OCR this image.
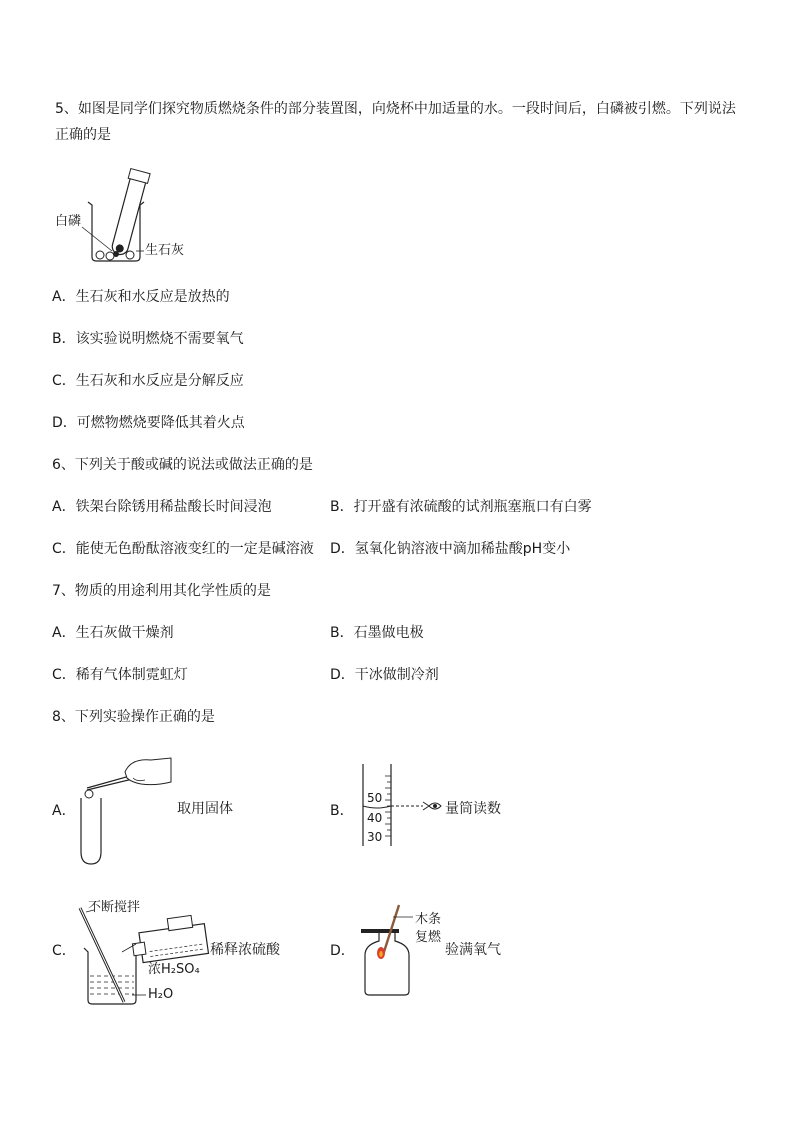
5、如图是同学们探究物质燃烧条件的部分装置图，向烧杯中加适量的水。一段时间后，白磷被引燃。下列说法正确的是
白磷
生石灰
A．生石灰和水反应是放热的
B．该实验说明燃烧不需要氧气
C．生石灰和水反应是分解反应
D．可燃物燃烧要降低其着火点
6、下列关于酸或碱的说法或做法正确的是
A．铁架台除锈用稀盐酸长时间浸泡	B．打开盛有浓硫酸的试剂瓶塞瓶口有白雾
C．能使无色酚酞溶液变红的一定是碱溶液 D．氢氧化钠溶液中滴加稀盐酸pH变小
7、物质的用途利用其化学性质的是
A．生石灰做干燥剂	B．石墨做电极
C．稀有气体制霓虹灯	D．干冰做制冷剂
8、下列实验操作正确的是
A．	取用固体	B．
50
40
30
量筒读数
C．
不断搅拌
浓H₂SO₄
H₂O
稀释浓硫酸	D．
木条
复燃
验满氧气
